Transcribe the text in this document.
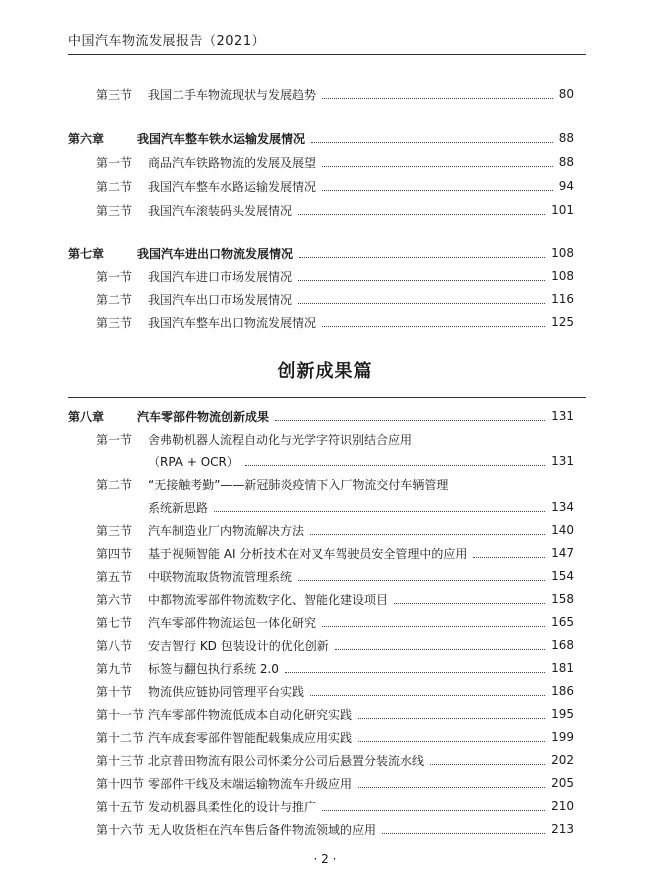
中国汽车物流发展报告（2021）
第三节	我国二手车物流现状与发展趋势	80
第六章	我国汽车整车铁水运输发展情况	88
第一节	商品汽车铁路物流的发展及展望	88
第二节	我国汽车整车水路运输发展情况	94
第三节	我国汽车滚装码头发展情况	101
第七章	我国汽车进出口物流发展情况	108
第一节	我国汽车进口市场发展情况	108
第二节	我国汽车出口市场发展情况	116
第三节	我国汽车整车出口物流发展情况	125
第八章	汽车零部件物流创新成果	131
第一节	舍弗勒机器人流程自动化与光学字符识别结合应用
（RPA + OCR）	131
第二节	“无接触考勤”——新冠肺炎疫情下入厂物流交付车辆管理
系统新思路	134
第三节	汽车制造业厂内物流解决方法	140
第四节	基于视频智能 AI 分析技术在对叉车驾驶员安全管理中的应用	147
第五节	中联物流取货物流管理系统	154
第六节	中都物流零部件物流数字化、智能化建设项目	158
第七节	汽车零部件物流运包一体化研究	165
第八节	安吉智行 KD 包装设计的优化创新	168
第九节	标签与翻包执行系统 2.0	181
第十节	物流供应链协同管理平台实践	186
第十一节 汽车零部件物流低成本自动化研究实践	195
第十二节 汽车成套零部件智能配载集成应用实践	199
第十三节 北京普田物流有限公司怀柔分公司后悬置分装流水线	202
第十四节 零部件干线及末端运输物流车升级应用	205
第十五节 发动机器具柔性化的设计与推广	210
第十六节 无人收货柜在汽车售后备件物流领域的应用	213
创新成果篇
· 2 ·
